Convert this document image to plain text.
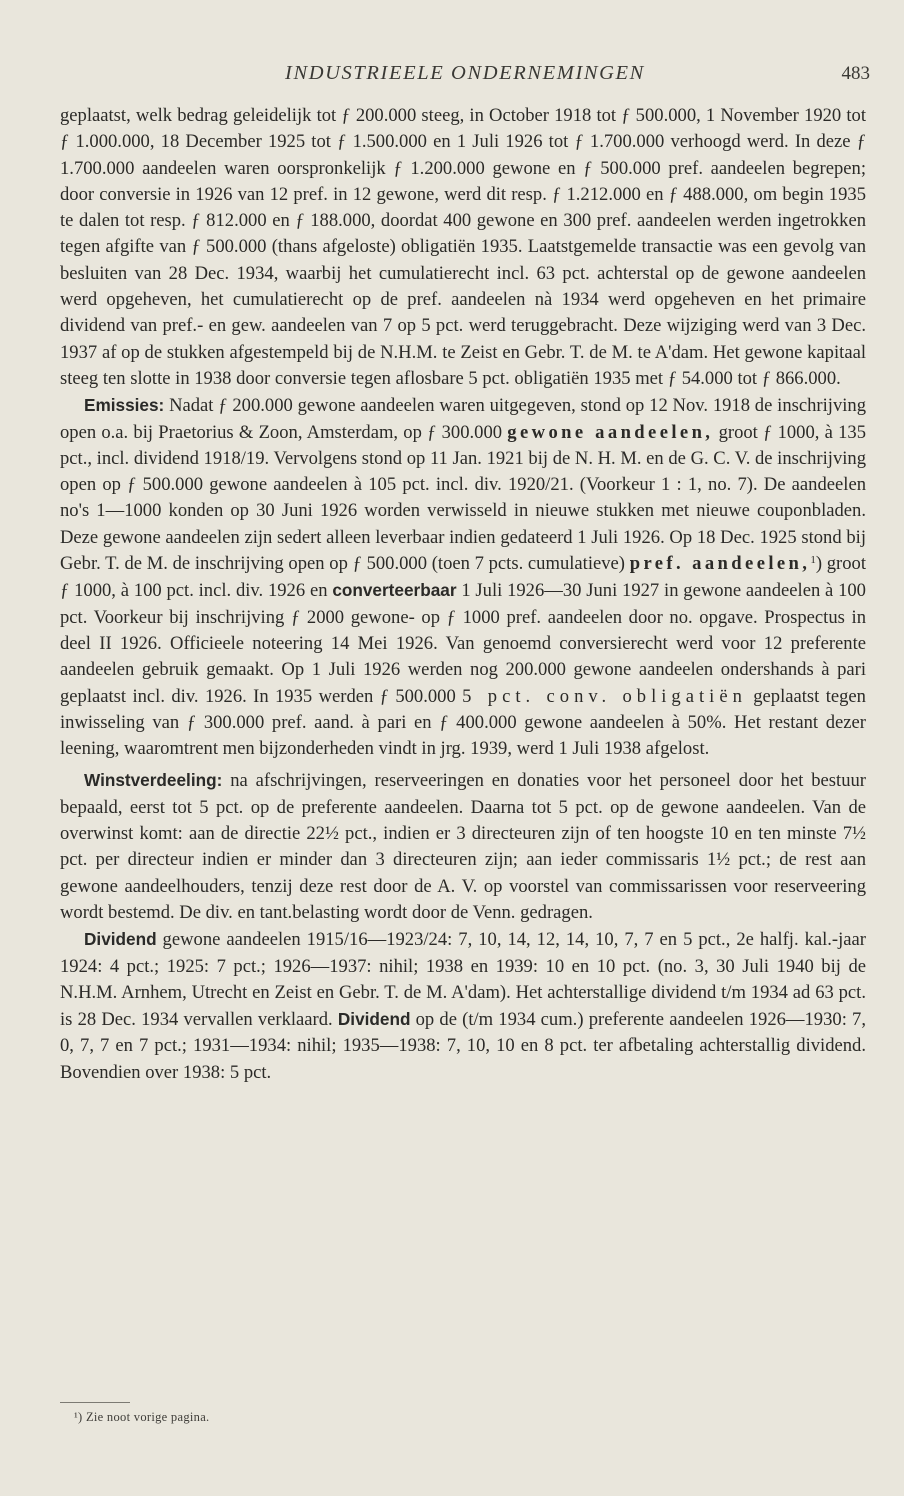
INDUSTRIEELE ONDERNEMINGEN	483

geplaatst, welk bedrag geleidelijk tot ƒ 200.000 steeg, in October 1918 tot ƒ 500.000, 1 November 1920 tot ƒ 1.000.000, 18 December 1925 tot ƒ 1.500.000 en 1 Juli 1926 tot ƒ 1.700.000 verhoogd werd. In deze ƒ 1.700.000 aandeelen waren oorspronkelijk ƒ 1.200.000 gewone en ƒ 500.000 pref. aandeelen begrepen; door conversie in 1926 van 12 pref. in 12 gewone, werd dit resp. ƒ 1.212.000 en ƒ 488.000, om begin 1935 te dalen tot resp. ƒ 812.000 en ƒ 188.000, doordat 400 gewone en 300 pref. aandeelen werden ingetrokken tegen afgifte van ƒ 500.000 (thans afgeloste) obligatiën 1935. Laatstgemelde transactie was een gevolg van besluiten van 28 Dec. 1934, waarbij het cumulatierecht incl. 63 pct. achterstal op de gewone aandeelen werd opgeheven, het cumulatierecht op de pref. aandeelen nà 1934 werd opgeheven en het primaire dividend van pref.- en gew. aandeelen van 7 op 5 pct. werd teruggebracht. Deze wijziging werd van 3 Dec. 1937 af op de stukken afgestempeld bij de N.H.M. te Zeist en Gebr. T. de M. te A'dam. Het gewone kapitaal steeg ten slotte in 1938 door conversie tegen aflosbare 5 pct. obligatiën 1935 met ƒ 54.000 tot ƒ 866.000.

Emissies: Nadat ƒ 200.000 gewone aandeelen waren uitgegeven, stond op 12 Nov. 1918 de inschrijving open o.a. bij Praetorius & Zoon, Amsterdam, op ƒ 300.000 gewone aandeelen, groot ƒ 1000, à 135 pct., incl. dividend 1918/19. Vervolgens stond op 11 Jan. 1921 bij de N. H. M. en de G. C. V. de inschrijving open op ƒ 500.000 gewone aandeelen à 105 pct. incl. div. 1920/21. (Voorkeur 1 : 1, no. 7). De aandeelen no's 1—1000 konden op 30 Juni 1926 worden verwisseld in nieuwe stukken met nieuwe couponbladen. Deze gewone aandeelen zijn sedert alleen leverbaar indien gedateerd 1 Juli 1926. Op 18 Dec. 1925 stond bij Gebr. T. de M. de inschrijving open op ƒ 500.000 (toen 7 pcts. cumulatieve) pref. aandeelen,$^1$) groot ƒ 1000, à 100 pct. incl. div. 1926 en converteerbaar 1 Juli 1926—30 Juni 1927 in gewone aandeelen à 100 pct. Voorkeur bij inschrijving ƒ 2000 gewone- op ƒ 1000 pref. aandeelen door no. opgave. Prospectus in deel II 1926. Officieele noteering 14 Mei 1926. Van genoemd conversierecht werd voor 12 preferente aandeelen gebruik gemaakt. Op 1 Juli 1926 werden nog 200.000 gewone aandeelen ondershands à pari geplaatst incl. div. 1926. In 1935 werden ƒ 500.000 5 pct. conv. obligatiën geplaatst tegen inwisseling van ƒ 300.000 pref. aand. à pari en ƒ 400.000 gewone aandeelen à 50%. Het restant dezer leening, waaromtrent men bijzonderheden vindt in jrg. 1939, werd 1 Juli 1938 afgelost.

Winstverdeeling: na afschrijvingen, reserveeringen en donaties voor het personeel door het bestuur bepaald, eerst tot 5 pct. op de preferente aandeelen. Daarna tot 5 pct. op de gewone aandeelen. Van de overwinst komt: aan de directie 22½ pct., indien er 3 directeuren zijn of ten hoogste 10 en ten minste 7½ pct. per directeur indien er minder dan 3 directeuren zijn; aan ieder commissaris 1½ pct.; de rest aan gewone aandeelhouders, tenzij deze rest door de A. V. op voorstel van commissarissen voor reserveering wordt bestemd. De div. en tant.belasting wordt door de Venn. gedragen.

Dividend gewone aandeelen 1915/16—1923/24: 7, 10, 14, 12, 14, 10, 7, 7 en 5 pct., 2e halfj. kal.-jaar 1924: 4 pct.; 1925: 7 pct.; 1926—1937: nihil; 1938 en 1939: 10 en 10 pct. (no. 3, 30 Juli 1940 bij de N.H.M. Arnhem, Utrecht en Zeist en Gebr. T. de M. A'dam). Het achterstallige dividend t/m 1934 ad 63 pct. is 28 Dec. 1934 vervallen verklaard. Dividend op de (t/m 1934 cum.) preferente aandeelen 1926—1930: 7, 0, 7, 7 en 7 pct.; 1931—1934: nihil; 1935—1938: 7, 10, 10 en 8 pct. ter afbetaling achterstallig dividend. Bovendien over 1938: 5 pct.

¹) Zie noot vorige pagina.
